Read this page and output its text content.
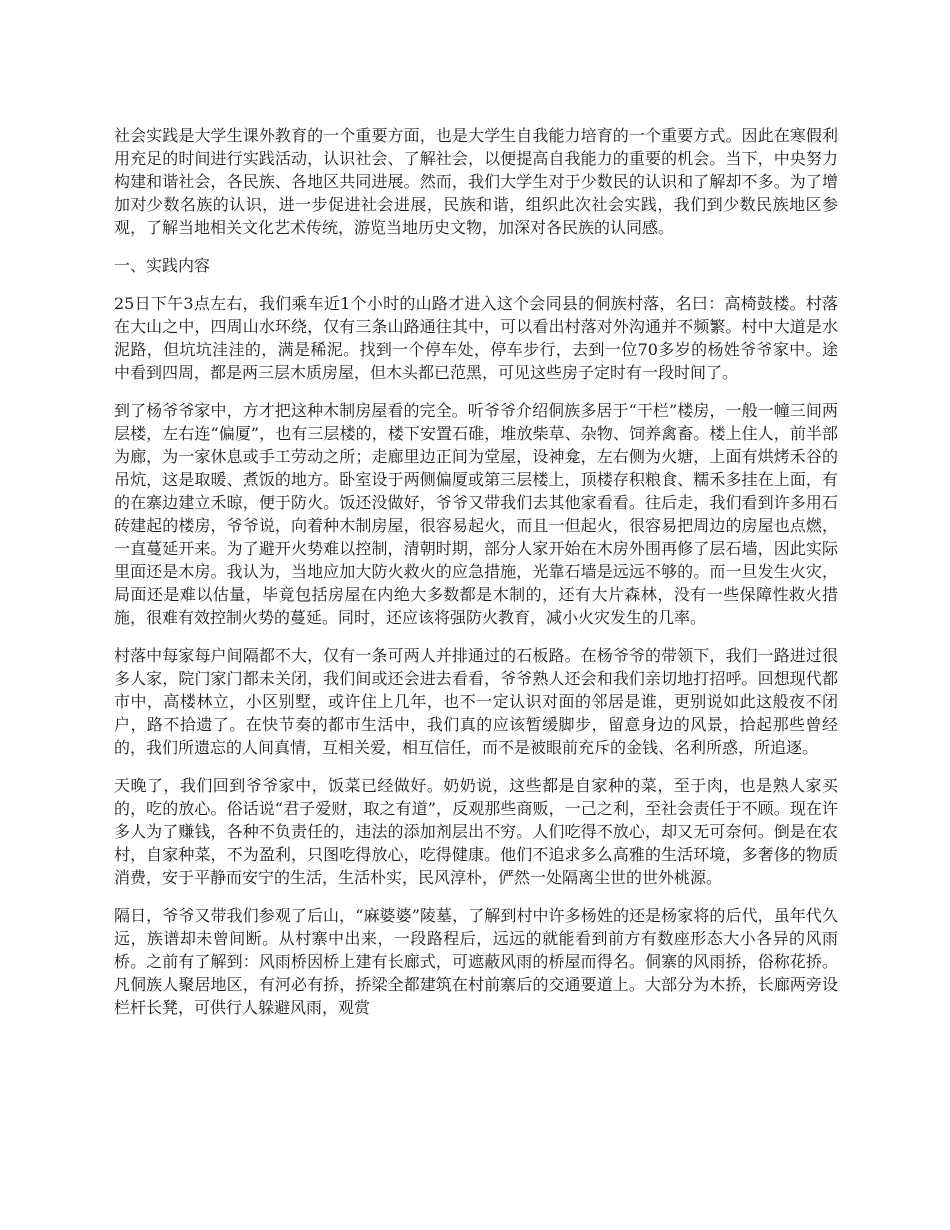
社会实践是大学生课外教育的一个重要方面，也是大学生自我能力培育的一个重要方式。因此在寒假利用充足的时间进行实践活动，认识社会、了解社会，以便提高自我能力的重要的机会。当下，中央努力构建和谐社会，各民族、各地区共同进展。然而，我们大学生对于少数民的认识和了解却不多。为了增加对少数名族的认识，进一步促进社会进展，民族和谐，组织此次社会实践，我们到少数民族地区参观，了解当地相关文化艺术传统，游览当地历史文物，加深对各民族的认同感。

一、实践内容

25日下午3点左右，我们乘车近1个小时的山路才进入这个会同县的侗族村落，名曰：高椅鼓楼。村落在大山之中，四周山水环绕，仅有三条山路通往其中，可以看出村落对外沟通并不频繁。村中大道是水泥路，但坑坑洼洼的，满是稀泥。找到一个停车处，停车步行，去到一位70多岁的杨姓爷爷家中。途中看到四周，都是两三层木质房屋，但木头都已范黑，可见这些房子定时有一段时间了。

到了杨爷爷家中，方才把这种木制房屋看的完全。听爷爷介绍侗族多居于“干栏”楼房，一般一幢三间两层楼，左右连“偏厦”，也有三层楼的，楼下安置石碓，堆放柴草、杂物、饲养禽畜。楼上住人，前半部为廊，为一家休息或手工劳动之所；走廊里边正间为堂屋，设神龛，左右侧为火塘，上面有烘烤禾谷的吊炕，这是取暖、煮饭的地方。卧室设于两侧偏厦或第三层楼上，顶楼存积粮食、糯禾多挂在上面，有的在寨边建立禾晾，便于防火。饭还没做好，爷爷又带我们去其他家看看。往后走，我们看到许多用石砖建起的楼房，爷爷说，向着种木制房屋，很容易起火，而且一但起火，很容易把周边的房屋也点燃，一直蔓延开来。为了避开火势难以控制，清朝时期，部分人家开始在木房外围再修了层石墙，因此实际里面还是木房。我认为，当地应加大防火救火的应急措施，光靠石墙是远远不够的。而一旦发生火灾，局面还是难以估量，毕竟包括房屋在内绝大多数都是木制的，还有大片森林，没有一些保障性救火措施，很难有效控制火势的蔓延。同时，还应该将强防火教育，减小火灾发生的几率。

村落中每家每户间隔都不大，仅有一条可两人并排通过的石板路。在杨爷爷的带领下，我们一路进过很多人家，院门家门都未关闭，我们间或还会进去看看，爷爷熟人还会和我们亲切地打招呼。回想现代都市中，高楼林立，小区别墅，或许住上几年，也不一定认识对面的邻居是谁，更别说如此这般夜不闭户，路不拾遗了。在快节奏的都市生活中，我们真的应该暂缓脚步，留意身边的风景，拾起那些曾经的，我们所遗忘的人间真情，互相关爱，相互信任，而不是被眼前充斥的金钱、名利所惑，所追逐。

天晚了，我们回到爷爷家中，饭菜已经做好。奶奶说，这些都是自家种的菜，至于肉，也是熟人家买的，吃的放心。俗话说“君子爱财，取之有道”，反观那些商贩，一己之利，至社会责任于不顾。现在许多人为了赚钱，各种不负责任的，违法的添加剂层出不穷。人们吃得不放心，却又无可奈何。倒是在农村，自家种菜，不为盈利，只图吃得放心，吃得健康。他们不追求多么高雅的生活环境，多奢侈的物质消费，安于平静而安宁的生活，生活朴实，民风淳朴，俨然一处隔离尘世的世外桃源。

隔日，爷爷又带我们参观了后山，“麻婆婆”陵墓，了解到村中许多杨姓的还是杨家将的后代，虽年代久远，族谱却未曾间断。从村寨中出来，一段路程后，远远的就能看到前方有数座形态大小各异的风雨桥。之前有了解到：风雨桥因桥上建有长廊式，可遮蔽风雨的桥屋而得名。侗寨的风雨挢，俗称花挢。凡侗族人聚居地区，有河必有挢，挢梁全都建筑在村前寨后的交通要道上。大部分为木挢，长廊两旁设栏杆长凳，可供行人躲避风雨，观赏
